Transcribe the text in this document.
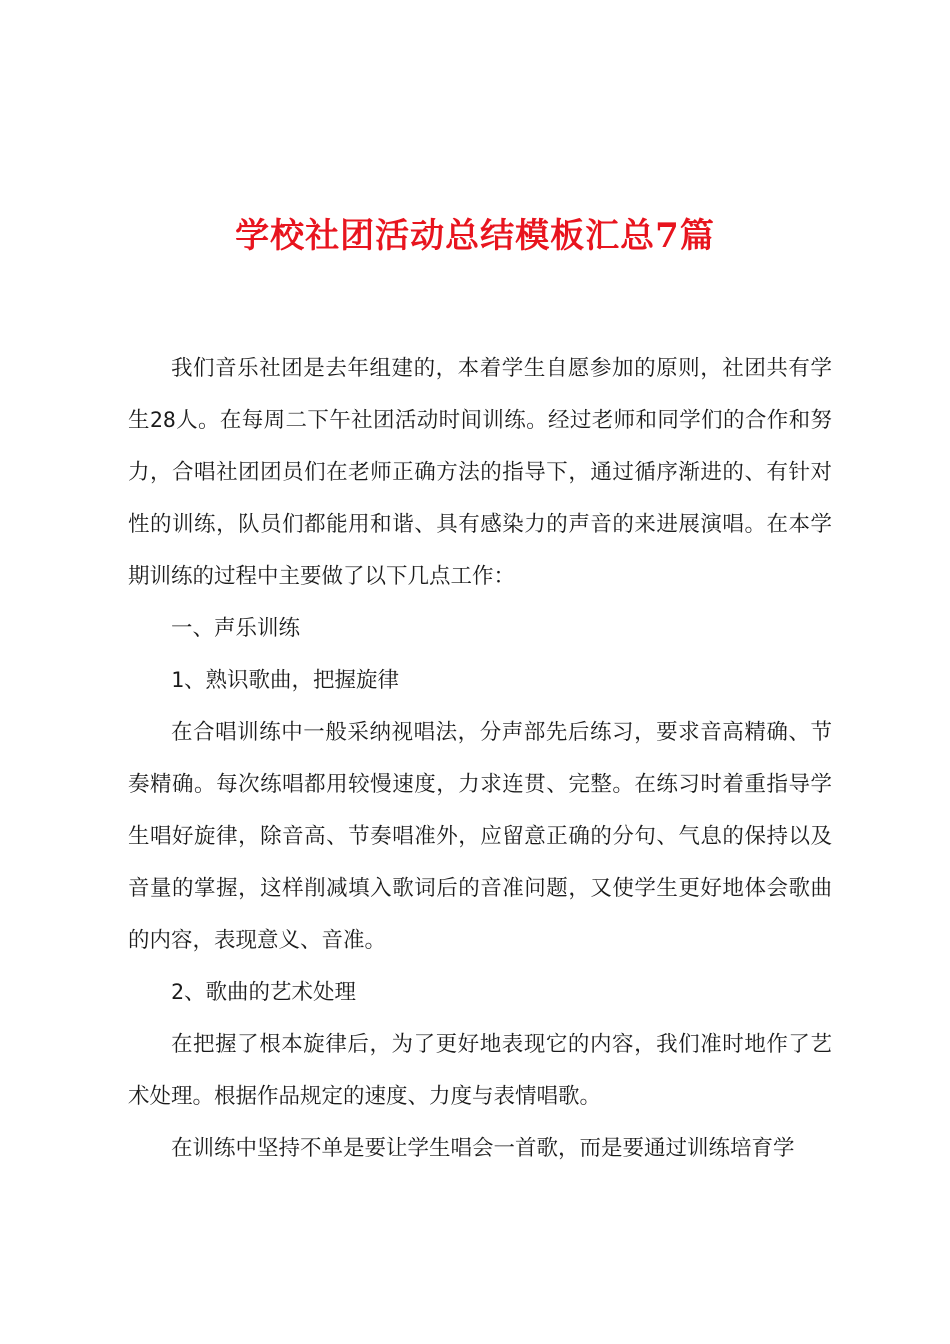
学校社团活动总结模板汇总7篇

我们音乐社团是去年组建的，本着学生自愿参加的原则，社团共有学生28人。在每周二下午社团活动时间训练。经过老师和同学们的合作和努力，合唱社团团员们在老师正确方法的指导下，通过循序渐进的、有针对性的训练，队员们都能用和谐、具有感染力的声音的来进展演唱。在本学期训练的过程中主要做了以下几点工作：

一、声乐训练

1、熟识歌曲，把握旋律

在合唱训练中一般采纳视唱法，分声部先后练习，要求音高精确、节奏精确。每次练唱都用较慢速度，力求连贯、完整。在练习时着重指导学生唱好旋律，除音高、节奏唱准外，应留意正确的分句、气息的保持以及音量的掌握，这样削减填入歌词后的音准问题，又使学生更好地体会歌曲的内容，表现意义、音准。

2、歌曲的艺术处理

在把握了根本旋律后，为了更好地表现它的内容，我们准时地作了艺术处理。根据作品规定的速度、力度与表情唱歌。

在训练中坚持不单是要让学生唱会一首歌，而是要通过训练培育学
